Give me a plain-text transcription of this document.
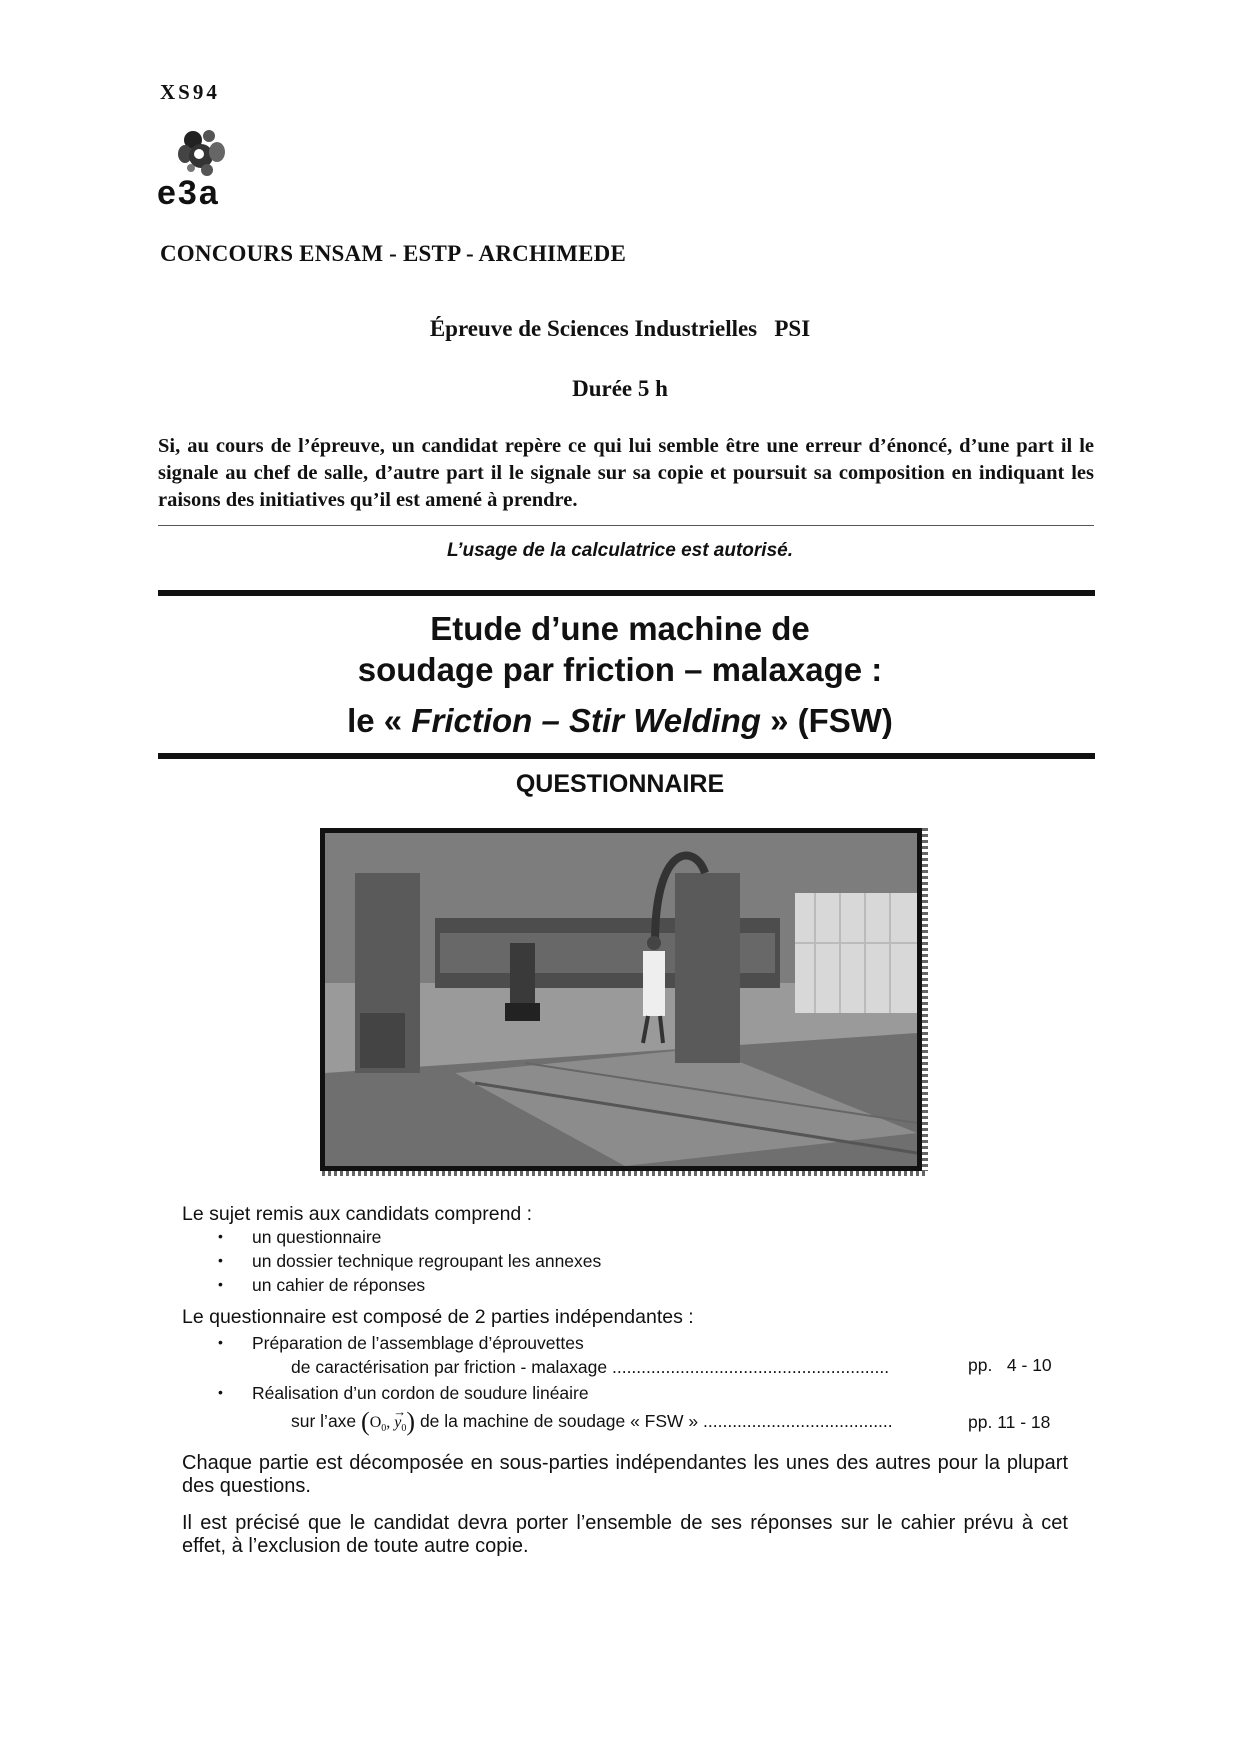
XS94
e3a
CONCOURS ENSAM - ESTP - ARCHIMEDE
Épreuve de Sciences Industrielles   PSI
Durée 5 h
Si, au cours de l’épreuve, un candidat repère ce qui lui semble être une erreur d’énoncé, d’une part il le signale au chef de salle, d’autre part il le signale sur sa copie et poursuit sa composition en indiquant les raisons des initiatives qu’il est amené à prendre.
L’usage de la calculatrice est autorisé.
Etude d’une machine de
soudage par friction – malaxage :
le « Friction – Stir Welding » (FSW)
QUESTIONNAIRE
Le sujet remis aux candidats comprend :
• un questionnaire
• un dossier technique regroupant les annexes
• un cahier de réponses
Le questionnaire est composé de 2 parties indépendantes :
• Préparation de l’assemblage d’éprouvettes
de caractérisation par friction - malaxage .........................................................	pp.   4 - 10
• Réalisation d’un cordon de soudure linéaire
sur l’axe ($O_0$,
→
$y_0$) de la machine de soudage « FSW » .......................................	pp. 11 - 18
Chaque partie est décomposée en sous-parties indépendantes les unes des autres pour la plupart des questions.
Il est précisé que le candidat devra porter l’ensemble de ses réponses sur le cahier prévu à cet effet, à l’exclusion de toute autre copie.
